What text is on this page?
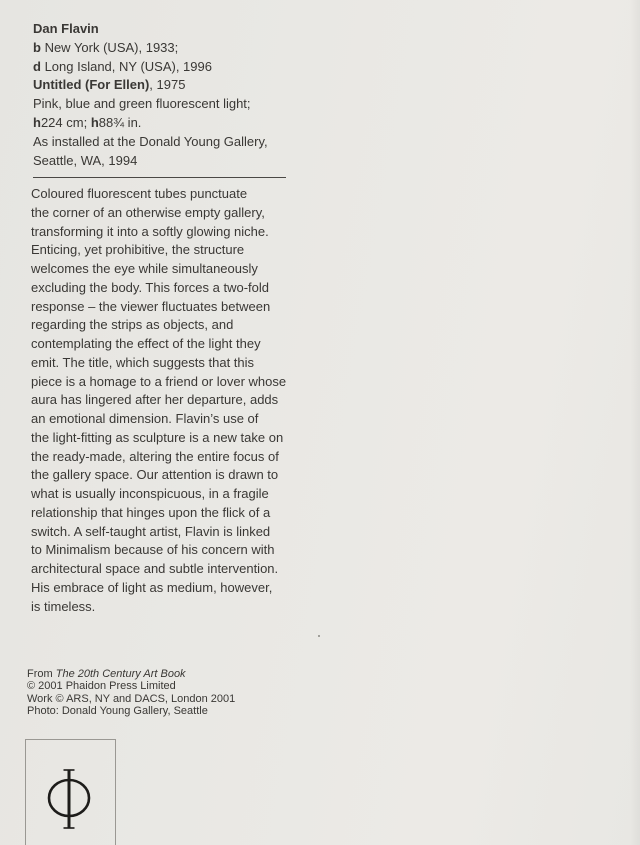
Dan Flavin
b New York (USA), 1933;
d Long Island, NY (USA), 1996
Untitled (For Ellen), 1975
Pink, blue and green fluorescent light;
h224 cm; h88¾ in.
As installed at the Donald Young Gallery,
Seattle, WA, 1994
Coloured fluorescent tubes punctuate
the corner of an otherwise empty gallery,
transforming it into a softly glowing niche.
Enticing, yet prohibitive, the structure
welcomes the eye while simultaneously
excluding the body. This forces a two-fold
response – the viewer fluctuates between
regarding the strips as objects, and
contemplating the effect of the light they
emit. The title, which suggests that this
piece is a homage to a friend or lover whose
aura has lingered after her departure, adds
an emotional dimension. Flavin’s use of
the light-fitting as sculpture is a new take on
the ready-made, altering the entire focus of
the gallery space. Our attention is drawn to
what is usually inconspicuous, in a fragile
relationship that hinges upon the flick of a
switch. A self-taught artist, Flavin is linked
to Minimalism because of his concern with
architectural space and subtle intervention.
His embrace of light as medium, however,
is timeless.
From The 20th Century Art Book
© 2001 Phaidon Press Limited
Work © ARS, NY and DACS, London 2001
Photo: Donald Young Gallery, Seattle
